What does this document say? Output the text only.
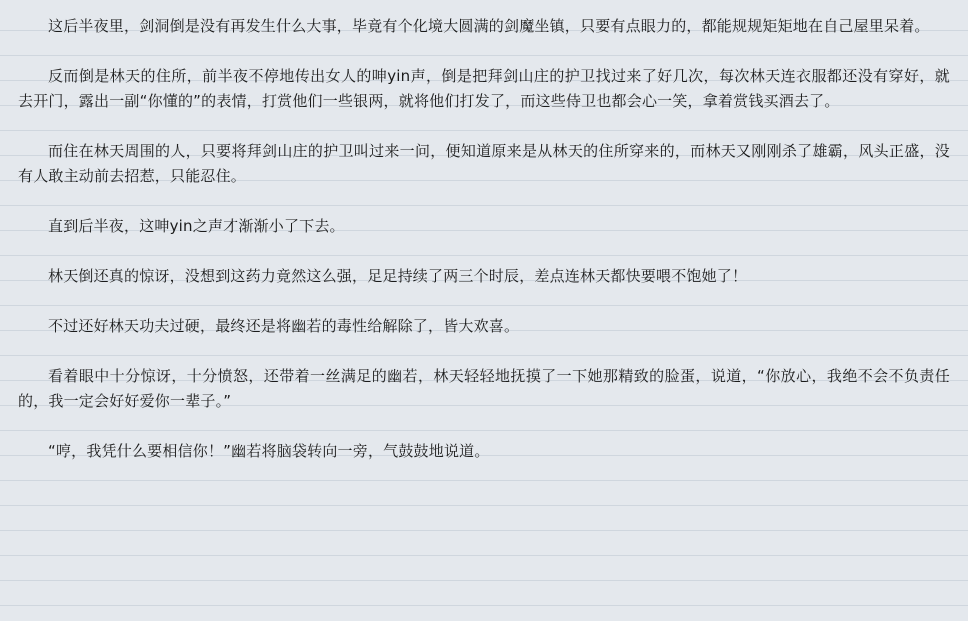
这后半夜里，剑洞倒是没有再发生什么大事，毕竟有个化境大圆满的剑魔坐镇，只要有点眼力的，都能规规矩矩地在自己屋里呆着。

反而倒是林天的住所，前半夜不停地传出女人的呻yin声，倒是把拜剑山庄的护卫找过来了好几次，每次林天连衣服都还没有穿好，就去开门，露出一副“你懂的”的表情，打赏他们一些银两，就将他们打发了，而这些侍卫也都会心一笑，拿着赏钱买酒去了。

而住在林天周围的人，只要将拜剑山庄的护卫叫过来一问，便知道原来是从林天的住所穿来的，而林天又刚刚杀了雄霸，风头正盛，没有人敢主动前去招惹，只能忍住。

直到后半夜，这呻yin之声才渐渐小了下去。

林天倒还真的惊讶，没想到这药力竟然这么强，足足持续了两三个时辰，差点连林天都快要喂不饱她了！

不过还好林天功夫过硬，最终还是将幽若的毒性给解除了，皆大欢喜。

看着眼中十分惊讶，十分愤怒，还带着一丝满足的幽若，林天轻轻地抚摸了一下她那精致的脸蛋，说道，“你放心，我绝不会不负责任的，我一定会好好爱你一辈子。”

“哼，我凭什么要相信你！”幽若将脑袋转向一旁，气鼓鼓地说道。
